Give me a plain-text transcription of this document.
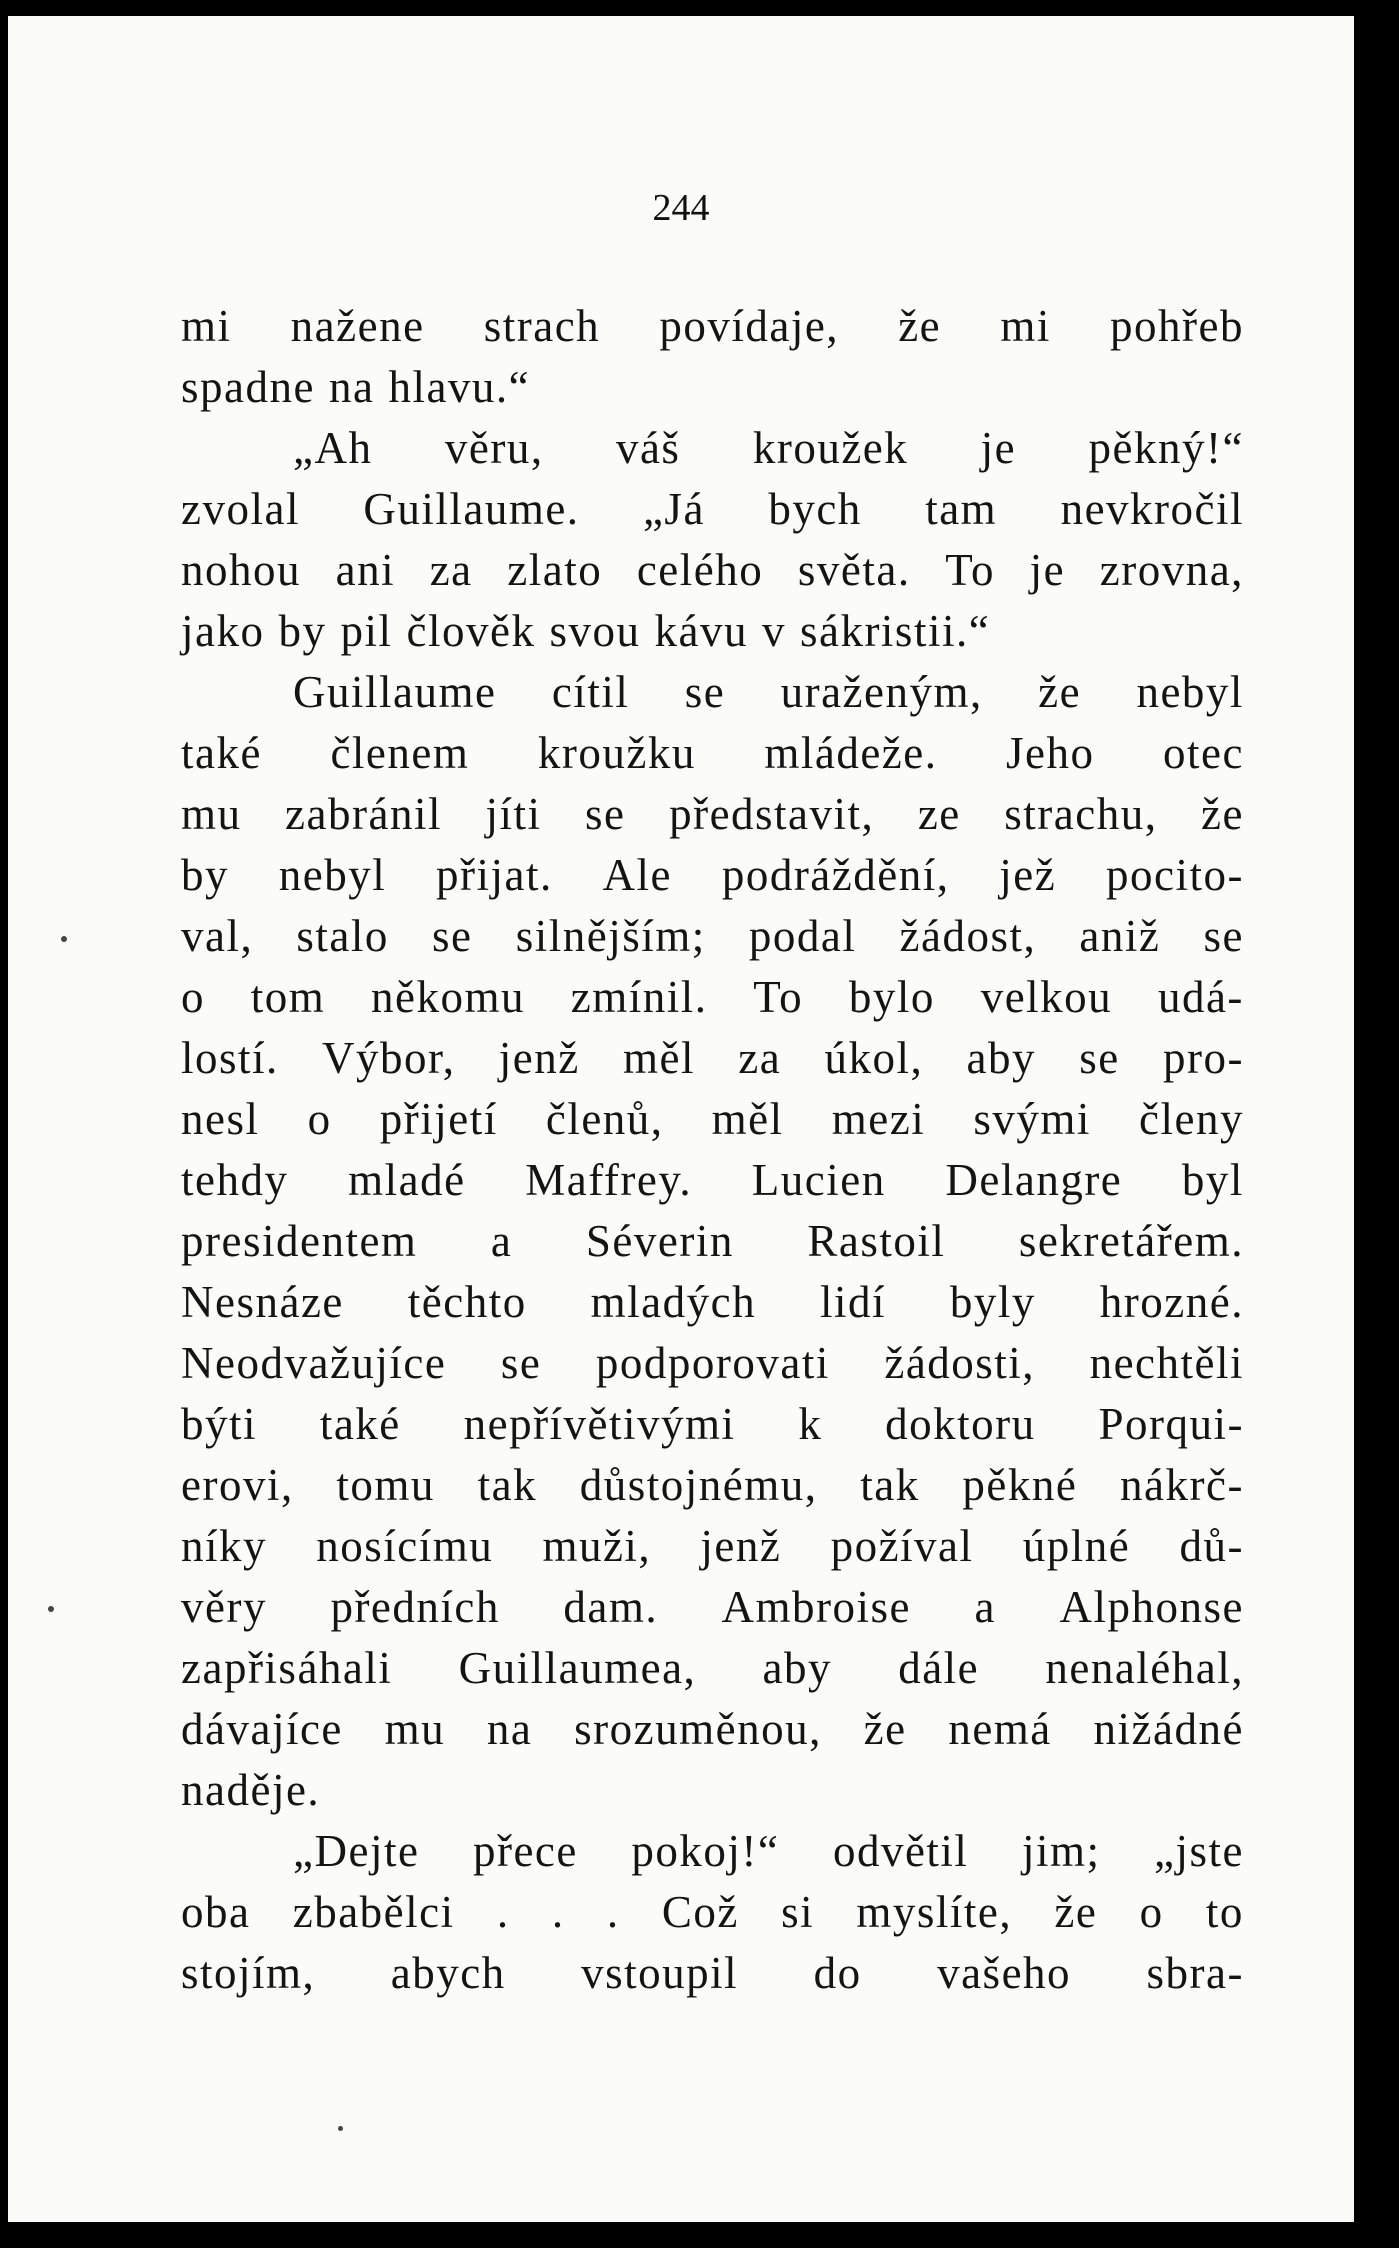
244
mi nažene strach povídaje, že mi pohřeb
spadne na hlavu.“
„Ah věru, váš kroužek je pěkný!“
zvolal Guillaume. „Já bych tam nevkročil
nohou ani za zlato celého světa. To je zrovna,
jako by pil člověk svou kávu v sákristii.“
Guillaume cítil se uraženým, že nebyl
také členem kroužku mládeže. Jeho otec
mu zabránil jíti se představit, ze strachu, že
by nebyl přijat. Ale podráždění, jež pocito-
val, stalo se silnějším; podal žádost, aniž se
o tom někomu zmínil. To bylo velkou udá-
lostí. Výbor, jenž měl za úkol, aby se pro-
nesl o přijetí členů, měl mezi svými členy
tehdy mladé Maffrey. Lucien Delangre byl
presidentem a Séverin Rastoil sekretářem.
Nesnáze těchto mladých lidí byly hrozné.
Neodvažujíce se podporovati žádosti, nechtěli
býti také nepřívětivými k doktoru Porqui-
erovi, tomu tak důstojnému, tak pěkné nákrč-
níky nosícímu muži, jenž požíval úplné dů-
věry předních dam. Ambroise a Alphonse
zapřisáhali Guillaumea, aby dále nenaléhal,
dávajíce mu na srozuměnou, že nemá nižádné
naděje.
„Dejte přece pokoj!“ odvětil jim; „jste
oba zbabělci . . . Což si myslíte, že o to
stojím, abych vstoupil do vašeho sbra-
